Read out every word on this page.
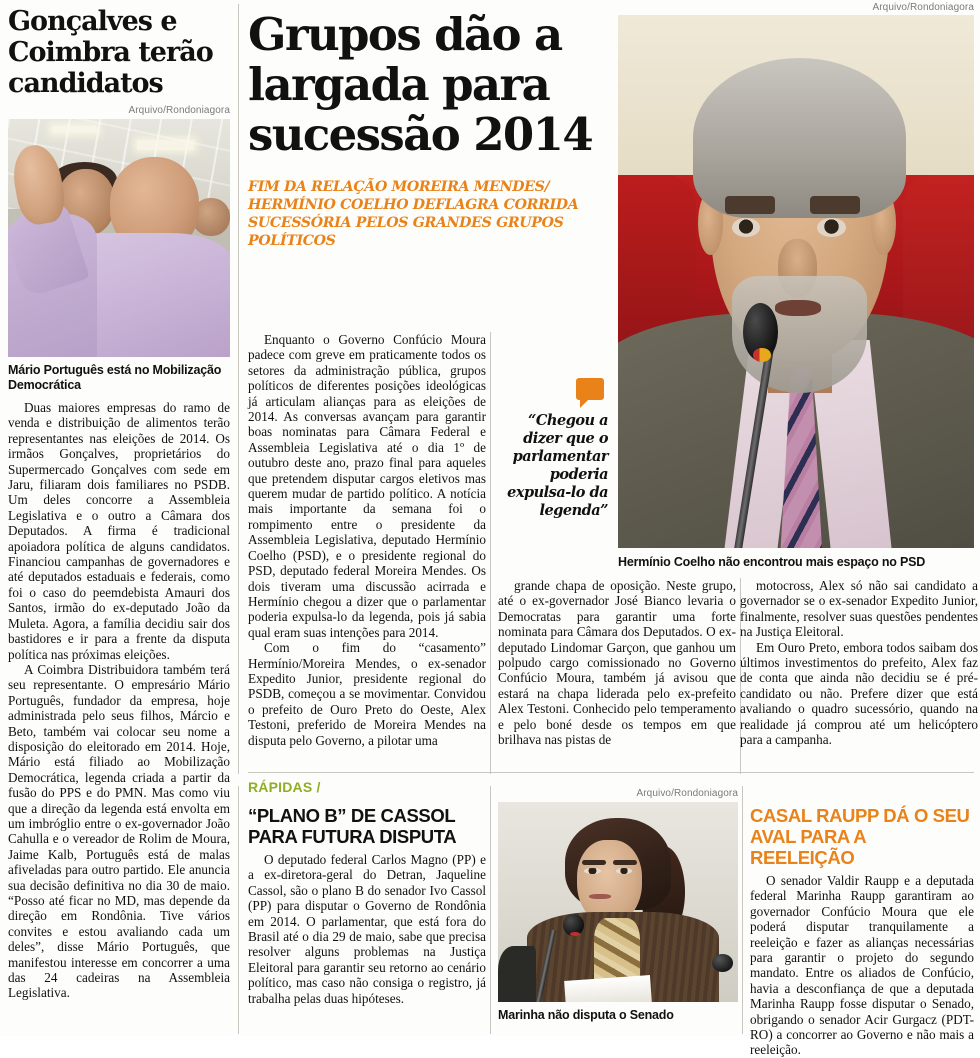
Gonçalves e Coimbra terão candidatos
Arquivo/Rondoniagora
Mário Português está no Mobilização Democrática

Duas maiores empresas do ramo de venda e distribuição de alimentos terão representantes nas eleições de 2014. Os irmãos Gonçalves, proprietários do Supermercado Gonçalves com sede em Jaru, filiaram dois familiares no PSDB. Um deles concorre a Assembleia Legislativa e o outro a Câmara dos Deputados. A firma é tradicional apoiadora política de alguns candidatos. Financiou campanhas de governadores e até deputados estaduais e federais, como foi o caso do peemdebista Amauri dos Santos, irmão do ex-deputado João da Muleta. Agora, a família decidiu sair dos bastidores e ir para a frente da disputa política nas próximas eleições.

A Coimbra Distribuidora também terá seu representante. O empresário Mário Português, fundador da empresa, hoje administrada pelo seus filhos, Márcio e Beto, também vai colocar seu nome a disposição do eleitorado em 2014. Hoje, Mário está filiado ao Mobilização Democrática, legenda criada a partir da fusão do PPS e do PMN. Mas como viu que a direção da legenda está envolta em um imbróglio entre o ex-governador João Cahulla e o vereador de Rolim de Moura, Jaime Kalb, Português está de malas afiveladas para outro partido. Ele anuncia sua decisão definitiva no dia 30 de maio. “Posso até ficar no MD, mas depende da direção em Rondônia. Tive vários convites e estou avaliando cada um deles”, disse Mário Português, que manifestou interesse em concorrer a uma das 24 cadeiras na Assembleia Legislativa.

Grupos dão a largada para sucessão 2014
FIM DA RELAÇÃO MOREIRA MENDES/ HERMÍNIO COELHO DEFLAGRA CORRIDA SUCESSÓRIA PELOS GRANDES GRUPOS POLÍTICOS

Enquanto o Governo Confúcio Moura padece com greve em praticamente todos os setores da administração pública, grupos políticos de diferentes posições ideológicas já articulam alianças para as eleições de 2014. As conversas avançam para garantir boas nominatas para Câmara Federal e Assembleia Legislativa até o dia 1º de outubro deste ano, prazo final para aqueles que pretendem disputar cargos eletivos mas querem mudar de partido político. A notícia mais importante da semana foi o rompimento entre o presidente da Assembleia Legislativa, deputado Hermínio Coelho (PSD), e o presidente regional do PSD, deputado federal Moreira Mendes. Os dois tiveram uma discussão acirrada e Hermínio chegou a dizer que o parlamentar poderia expulsa-lo da legenda, pois já sabia qual eram suas intenções para 2014.

Com o fim do “casamento” Hermínio/Moreira Mendes, o ex-senador Expedito Junior, presidente regional do PSDB, começou a se movimentar. Convidou o prefeito de Ouro Preto do Oeste, Alex Testoni, preferido de Moreira Mendes na disputa pelo Governo, a pilotar uma

“Chegou a dizer que o parlamentar poderia expulsa-lo da legenda”
Arquivo/Rondoniagora
Hermínio Coelho não encontrou mais espaço no PSD

grande chapa de oposição. Neste grupo, até o ex-governador José Bianco levaria o Democratas para garantir uma forte nominata para Câmara dos Deputados. O ex-deputado Lindomar Garçon, que ganhou um polpudo cargo comissionado no Governo Confúcio Moura, também já avisou que estará na chapa liderada pelo ex-prefeito Alex Testoni. Conhecido pelo temperamento e pelo boné desde os tempos em que brilhava nas pistas de

motocross, Alex só não sai candidato a governador se o ex-senador Expedito Junior, finalmente, resolver suas questões pendentes na Justiça Eleitoral.

Em Ouro Preto, embora todos saibam dos últimos investimentos do prefeito, Alex faz de conta que ainda não decidiu se é pré-candidato ou não. Prefere dizer que está avaliando o quadro sucessório, quando na realidade já comprou até um helicóptero para a campanha.

RÁPIDAS /
“PLANO B” DE CASSOL PARA FUTURA DISPUTA

O deputado federal Carlos Magno (PP) e a ex-diretora-geral do Detran, Jaqueline Cassol, são o plano B do senador Ivo Cassol (PP) para disputar o Governo de Rondônia em 2014. O parlamentar, que está fora do Brasil até o dia 29 de maio, sabe que precisa resolver alguns problemas na Justiça Eleitoral para garantir seu retorno ao cenário político, mas caso não consiga o registro, já trabalha pelas duas hipóteses.

Arquivo/Rondoniagora
Marinha não disputa o Senado
CASAL RAUPP DÁ O SEU AVAL PARA A REELEIÇÃO

O senador Valdir Raupp e a deputada federal Marinha Raupp garantiram ao governador Confúcio Moura que ele poderá disputar tranquilamente a reeleição e fazer as alianças necessárias para garantir o projeto do segundo mandato. Entre os aliados de Confúcio, havia a desconfiança de que a deputada Marinha Raupp fosse disputar o Senado, obrigando o senador Acir Gurgacz (PDT-RO) a concorrer ao Governo e não mais a reeleição.
